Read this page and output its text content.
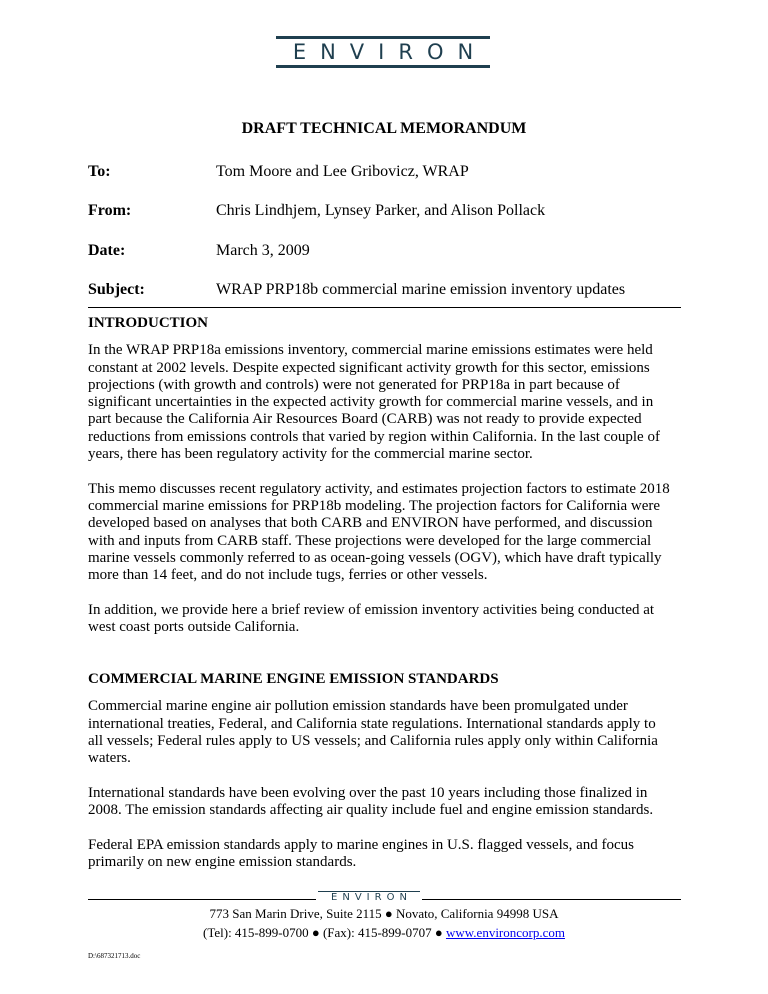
ENVIRON
DRAFT TECHNICAL MEMORANDUM
To:	Tom Moore and Lee Gribovicz, WRAP
From:	Chris Lindhjem, Lynsey Parker, and Alison Pollack
Date:	March 3, 2009
Subject:	WRAP PRP18b commercial marine emission inventory updates
INTRODUCTION
In the WRAP PRP18a emissions inventory, commercial marine emissions estimates were held
constant at 2002 levels. Despite expected significant activity growth for this sector, emissions
projections (with growth and controls) were not generated for PRP18a in part because of
significant uncertainties in the expected activity growth for commercial marine vessels, and in
part because the California Air Resources Board (CARB) was not ready to provide expected
reductions from emissions controls that varied by region within California. In the last couple of
years, there has been regulatory activity for the commercial marine sector.
This memo discusses recent regulatory activity, and estimates projection factors to estimate 2018
commercial marine emissions for PRP18b modeling. The projection factors for California were
developed based on analyses that both CARB and ENVIRON have performed, and discussion
with and inputs from CARB staff. These projections were developed for the large commercial
marine vessels commonly referred to as ocean-going vessels (OGV), which have draft typically
more than 14 feet, and do not include tugs, ferries or other vessels.
In addition, we provide here a brief review of emission inventory activities being conducted at
west coast ports outside California.
COMMERCIAL MARINE ENGINE EMISSION STANDARDS
Commercial marine engine air pollution emission standards have been promulgated under
international treaties, Federal, and California state regulations. International standards apply to
all vessels; Federal rules apply to US vessels; and California rules apply only within California
waters.
International standards have been evolving over the past 10 years including those finalized in
2008. The emission standards affecting air quality include fuel and engine emission standards.
Federal EPA emission standards apply to marine engines in U.S. flagged vessels, and focus
primarily on new engine emission standards.
ENVIRON
773 San Marin Drive, Suite 2115 ● Novato, California 94998 USA
(Tel): 415-899-0700 ● (Fax): 415-899-0707 ● www.environcorp.com
D:\687321713.doc
